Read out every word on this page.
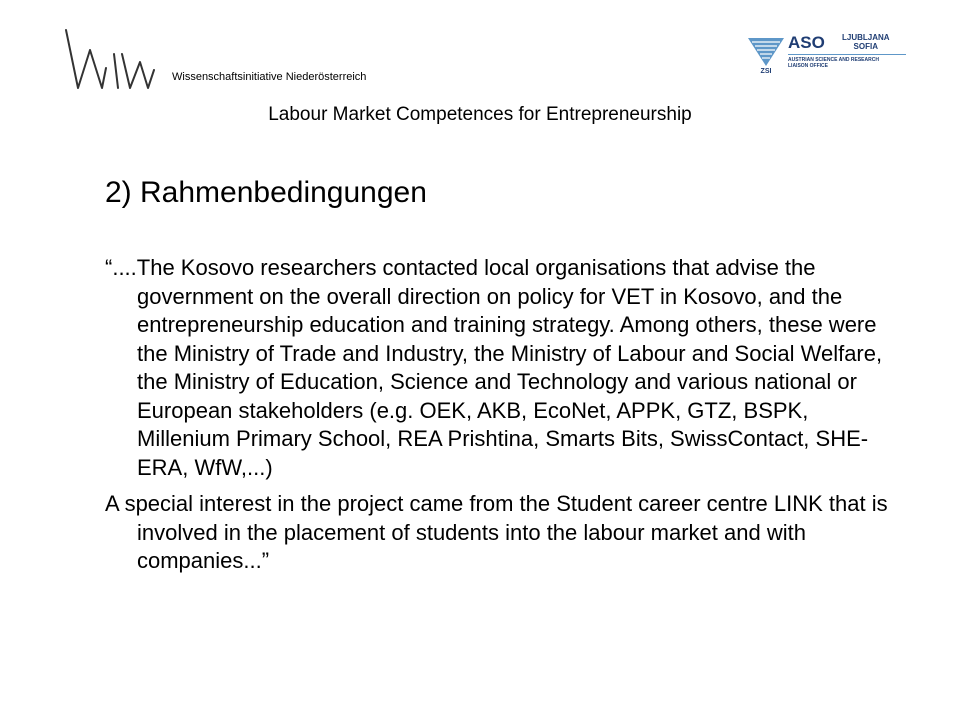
Wissenschaftsinitiative Niederösterreich	ZSI
ASO LJUBLJANA
SOFIA
AUSTRIAN SCIENCE AND RESEARCH
LIAISON OFFICE
Labour Market Competences for Entrepreneurship
2) Rahmenbedingungen

“....The Kosovo researchers contacted local organisations that advise the government on the overall direction on policy for VET in Kosovo, and the entrepreneurship education and training strategy. Among others, these were the Ministry of Trade and Industry, the Ministry of Labour and Social Welfare, the Ministry of Education, Science and Technology and various national or European stakeholders (e.g. OEK, AKB, EcoNet, APPK, GTZ, BSPK, Millenium Primary School, REA Prishtina, Smarts Bits, SwissContact, SHE-ERA, WfW,...)

A special interest in the project came from the Student career centre LINK that is involved in the placement of students into the labour market and with companies...”
